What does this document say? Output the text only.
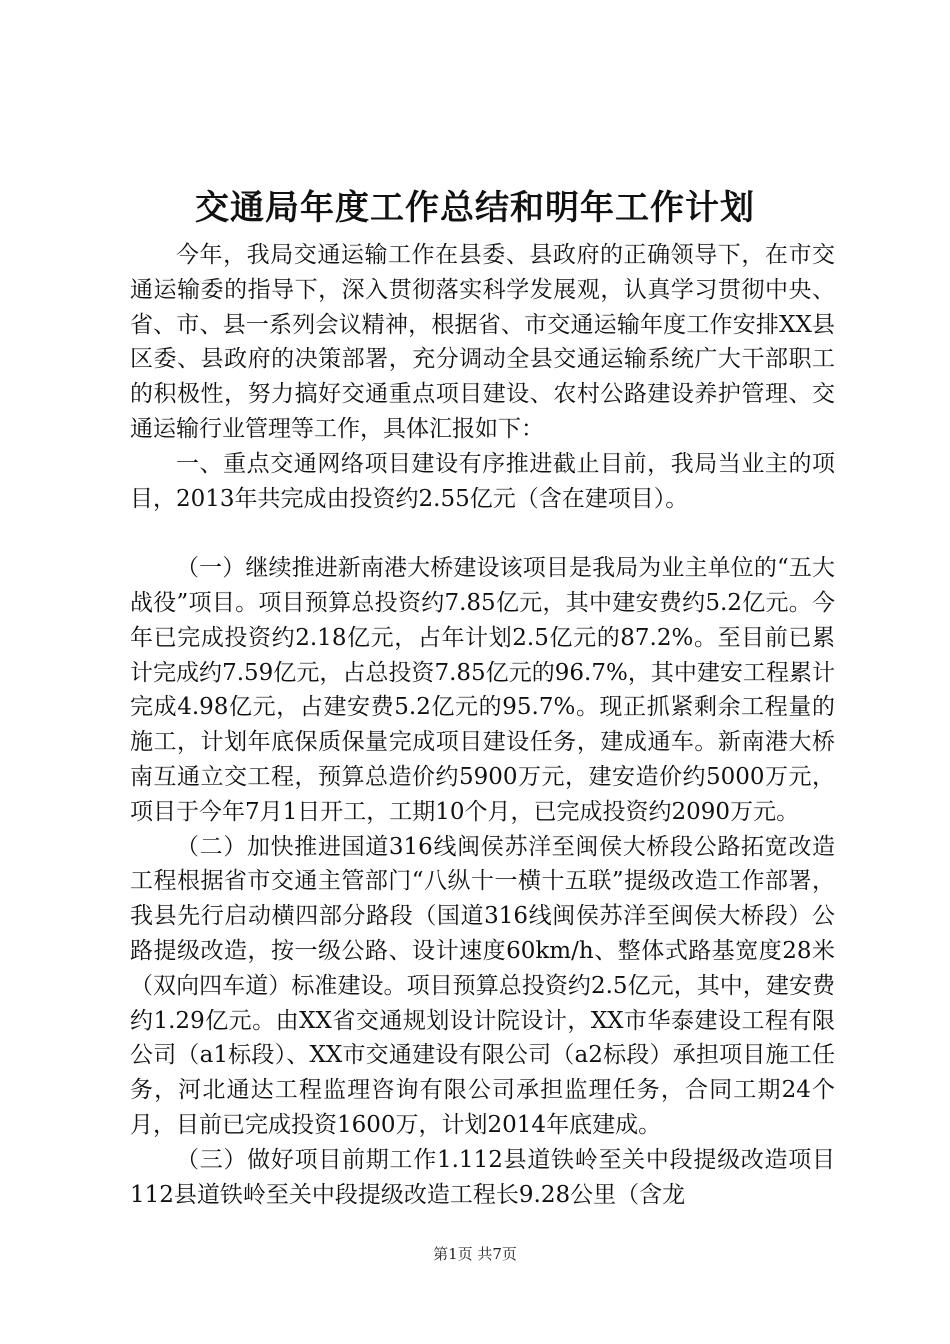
交通局年度工作总结和明年工作计划

今年，我局交通运输工作在县委、县政府的正确领导下，在市交通运输委的指导下，深入贯彻落实科学发展观，认真学习贯彻中央、省、市、县一系列会议精神，根据省、市交通运输年度工作安排XX县区委、县政府的决策部署，充分调动全县交通运输系统广大干部职工的积极性，努力搞好交通重点项目建设、农村公路建设养护管理、交通运输行业管理等工作，具体汇报如下：

一、重点交通网络项目建设有序推进截止目前，我局当业主的项目，2013年共完成由投资约2.55亿元（含在建项目）。

（一）继续推进新南港大桥建设该项目是我局为业主单位的“五大战役”项目。项目预算总投资约7.85亿元，其中建安费约5.2亿元。今年已完成投资约2.18亿元，占年计划2.5亿元的87.2%。至目前已累计完成约7.59亿元，占总投资7.85亿元的96.7%，其中建安工程累计完成4.98亿元，占建安费5.2亿元的95.7%。现正抓紧剩余工程量的施工，计划年底保质保量完成项目建设任务，建成通车。新南港大桥南互通立交工程，预算总造价约5900万元，建安造价约5000万元，项目于今年7月1日开工，工期10个月，已完成投资约2090万元。

（二）加快推进国道316线闽侯苏洋至闽侯大桥段公路拓宽改造工程根据省市交通主管部门“八纵十一横十五联”提级改造工作部署，我县先行启动横四部分路段（国道316线闽侯苏洋至闽侯大桥段）公路提级改造，按一级公路、设计速度60km/h、整体式路基宽度28米（双向四车道）标准建设。项目预算总投资约2.5亿元，其中，建安费约1.29亿元。由XX省交通规划设计院设计，XX市华泰建设工程有限公司（a1标段）、XX市交通建设有限公司（a2标段）承担项目施工任务，河北通达工程监理咨询有限公司承担监理任务，合同工期24个月，目前已完成投资1600万，计划2014年底建成。

（三）做好项目前期工作1.112县道铁岭至关中段提级改造项目112县道铁岭至关中段提级改造工程长9.28公里（含龙

第1页 共7页
